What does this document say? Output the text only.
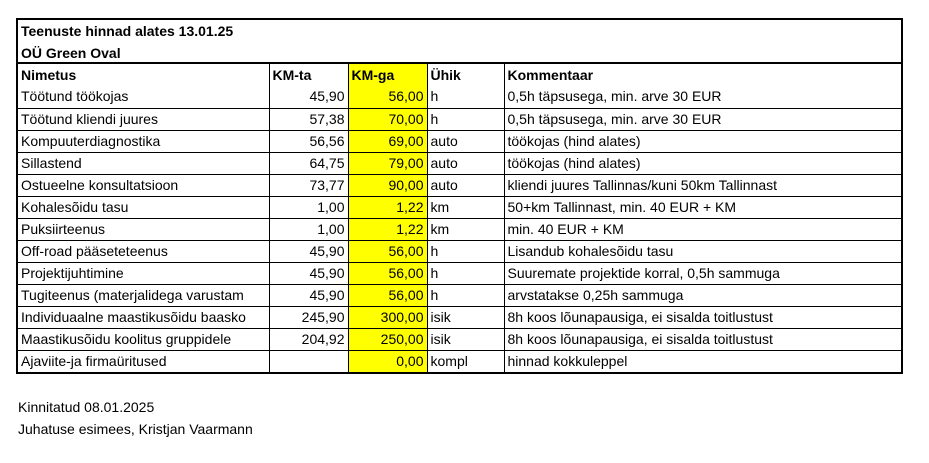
Teenuste hinnad alates 13.01.25
OÜ Green Oval
Nimetus	KM-ta	KM-ga	Ühik	Kommentaar
Töötund töökojas	45,90	56,00	h	0,5h täpsusega, min. arve 30 EUR
Töötund kliendi juures	57,38	70,00	h	0,5h täpsusega, min. arve 30 EUR
Kompuuterdiagnostika	56,56	69,00	auto	töökojas (hind alates)
Sillastend	64,75	79,00	auto	töökojas (hind alates)
Ostueelne konsultatsioon	73,77	90,00	auto	kliendi juures Tallinnas/kuni 50km Tallinnast
Kohalesõidu tasu	1,00	1,22	km	50+km Tallinnast, min. 40 EUR + KM
Puksiirteenus	1,00	1,22	km	min. 40 EUR + KM
Off-road pääseteteenus	45,90	56,00	h	Lisandub kohalesõidu tasu
Projektijuhtimine	45,90	56,00	h	Suuremate projektide korral, 0,5h sammuga
Tugiteenus (materjalidega varustam	45,90	56,00	h	arvstatakse 0,25h sammuga
Individuaalne maastikusõidu baasko	245,90	300,00	isik	8h koos lõunapausiga, ei sisalda toitlustust
Maastikusõidu koolitus gruppidele	204,92	250,00	isik	8h koos lõunapausiga, ei sisalda toitlustust
Ajaviite-ja firmaüritused		0,00	kompl	hinnad kokkuleppel
Kinnitatud 08.01.2025
Juhatuse esimees, Kristjan Vaarmann
